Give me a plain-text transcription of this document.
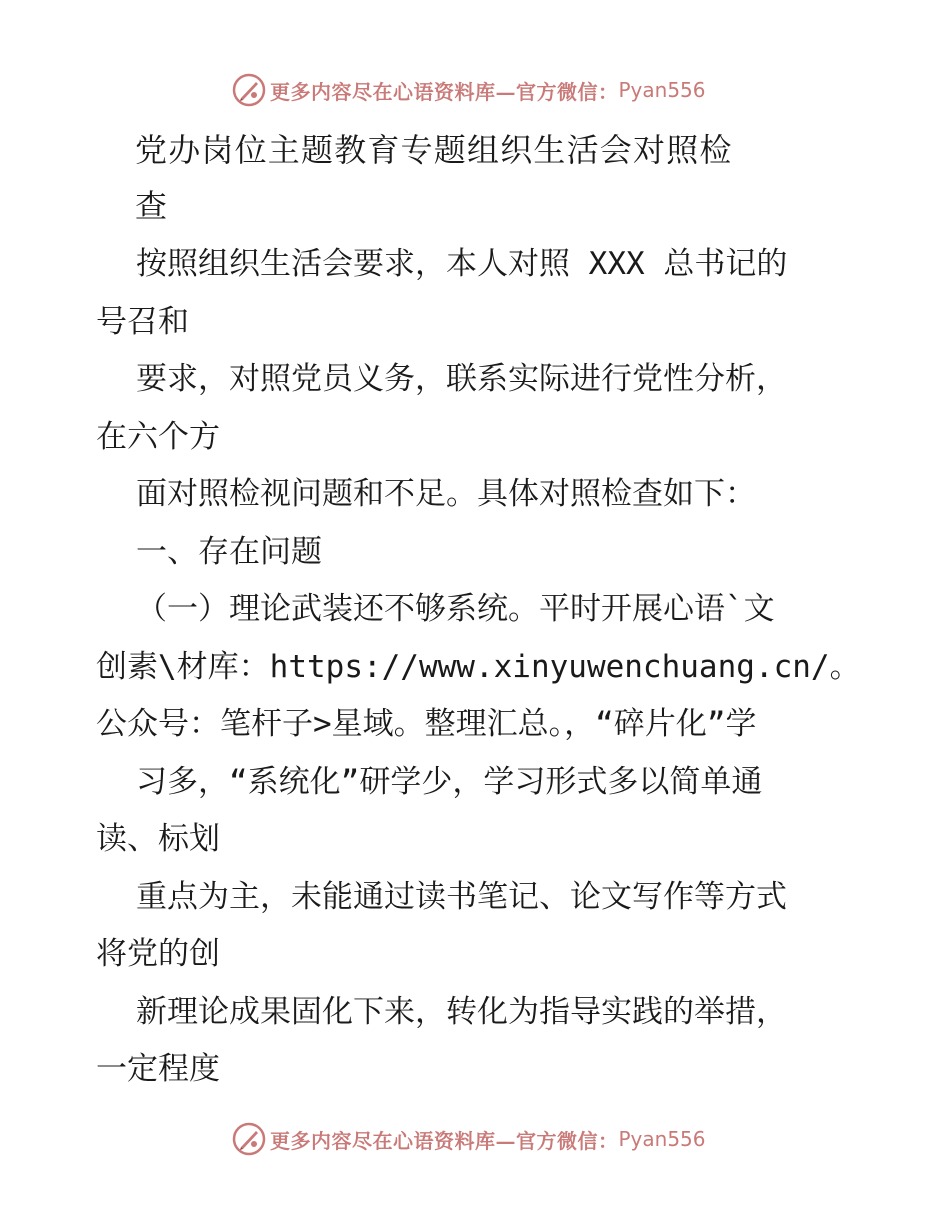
更多内容尽在心语资料库—官方微信： Pyan556
党办岗位主题教育专题组织生活会对照检
查
按照组织生活会要求，本人对照 XXX 总书记的
号召和
要求，对照党员义务，联系实际进行党性分析，
在六个方
面对照检视问题和不足。具体对照检查如下：
一、存在问题
（一）理论武装还不够系统。平时开展心语`文
创素\材库：https://www.xinyuwenchuang.cn/。
公众号：笔杆子>星域。整理汇总。，“碎片化”学
习多，“系统化”研学少，学习形式多以简单通
读、标划
重点为主，未能通过读书笔记、论文写作等方式
将党的创
新理论成果固化下来，转化为指导实践的举措，
一定程度
更多内容尽在心语资料库—官方微信： Pyan556
